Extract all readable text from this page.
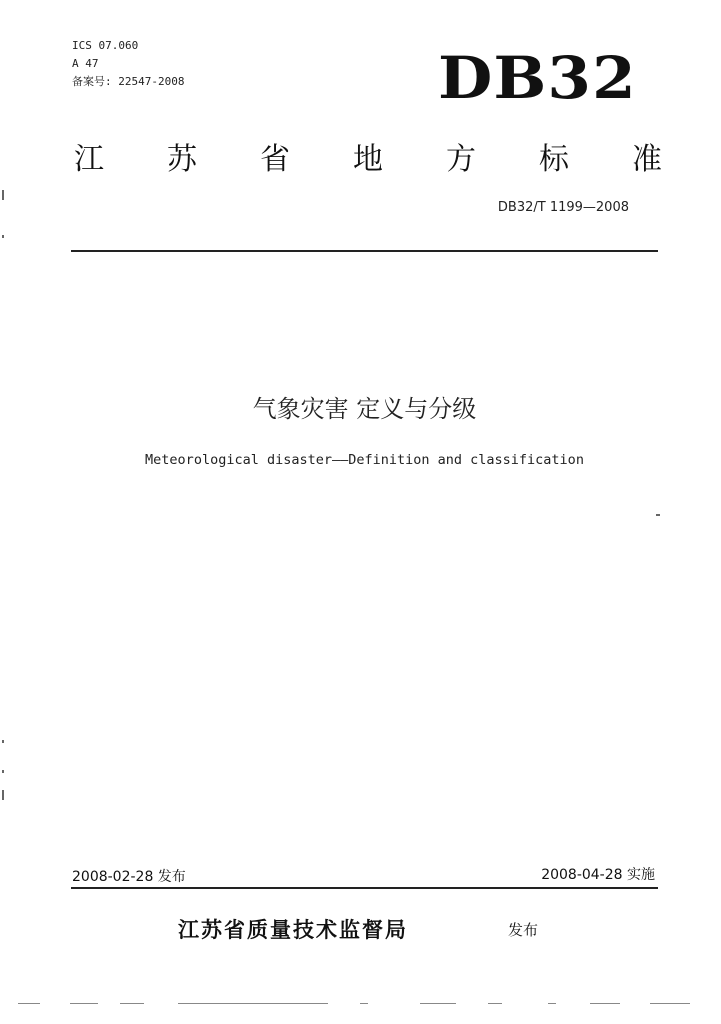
ICS 07.060
A 47
备案号: 22547-2008	DB32
江 苏 省 地 方 标 准
DB32/T 1199—2008
气象灾害 定义与分级
Meteorological disaster——Definition and classification
2008-02-28 发布	2008-04-28 实施
江苏省质量技术监督局	发布
